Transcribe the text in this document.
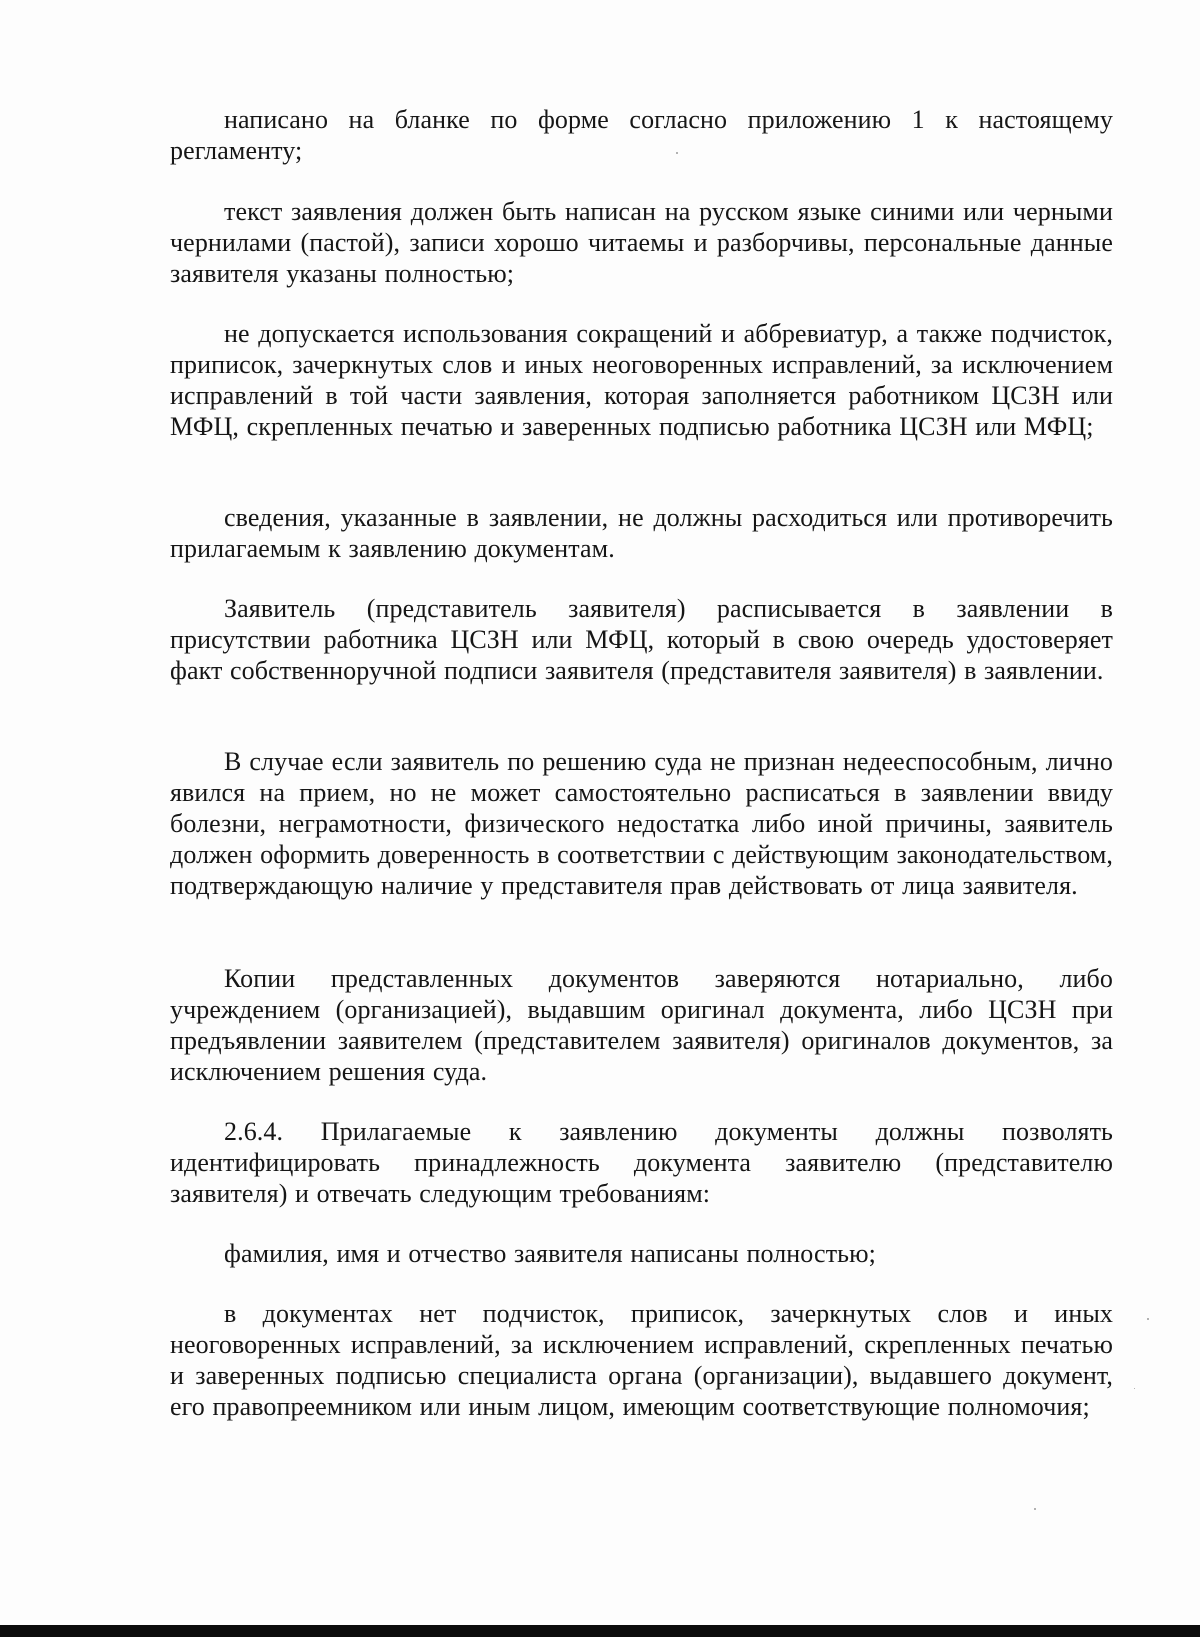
написано на бланке по форме согласно приложению 1 к настоящему регламенту;

текст заявления должен быть написан на русском языке синими или черными чернилами (пастой), записи хорошо читаемы и разборчивы, персональные данные заявителя указаны полностью;

не допускается использования сокращений и аббревиатур, а также подчисток, приписок, зачеркнутых слов и иных неоговоренных исправлений, за исключением исправлений в той части заявления, которая заполняется работником ЦСЗН или МФЦ, скрепленных печатью и заверенных подписью работника ЦСЗН или МФЦ;

сведения, указанные в заявлении, не должны расходиться или противоречить прилагаемым к заявлению документам.

Заявитель (представитель заявителя) расписывается в заявлении в присутствии работника ЦСЗН или МФЦ, который в свою очередь удостоверяет факт собственноручной подписи заявителя (представителя заявителя) в заявлении.

В случае если заявитель по решению суда не признан недееспособным, лично явился на прием, но не может самостоятельно расписаться в заявлении ввиду болезни, неграмотности, физического недостатка либо иной причины, заявитель должен оформить доверенность в соответствии с действующим законодательством, подтверждающую наличие у представителя прав действовать от лица заявителя.

Копии представленных документов заверяются нотариально, либо учреждением (организацией), выдавшим оригинал документа, либо ЦСЗН при предъявлении заявителем (представителем заявителя) оригиналов документов, за исключением решения суда.

2.6.4. Прилагаемые к заявлению документы должны позволять идентифицировать принадлежность документа заявителю (представителю заявителя) и отвечать следующим требованиям:

фамилия, имя и отчество заявителя написаны полностью;

в документах нет подчисток, приписок, зачеркнутых слов и иных неоговоренных исправлений, за исключением исправлений, скрепленных печатью и заверенных подписью специалиста органа (организации), выдавшего документ, его правопреемником или иным лицом, имеющим соответствующие полномочия;
